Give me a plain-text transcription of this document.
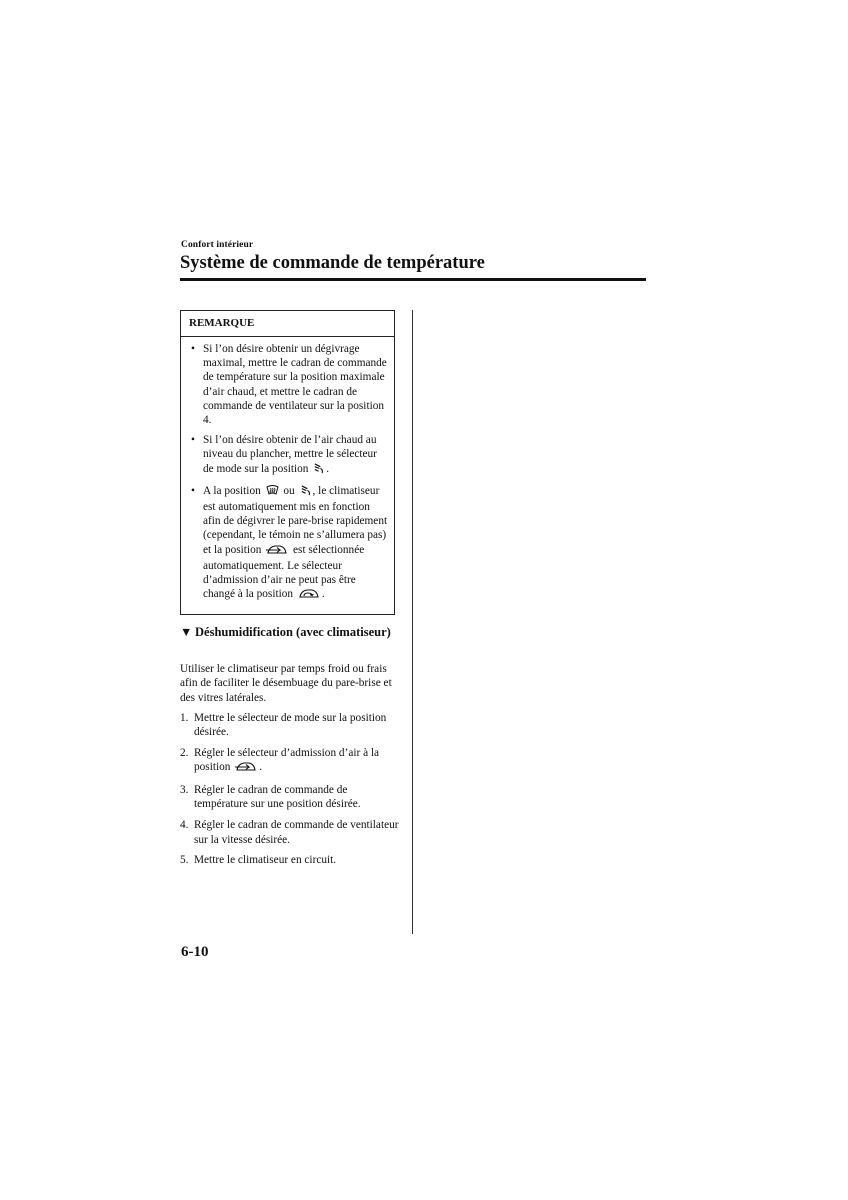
Confort intérieur
Système de commande de température
REMARQUE
• Si l’on désire obtenir un dégivrage maximal, mettre le cadran de commande de température sur la position maximale d’air chaud, et mettre le cadran de commande de ventilateur sur la position 4.
• Si l’on désire obtenir de l’air chaud au niveau du plancher, mettre le sélecteur de mode sur la position .
• A la position ou , le climatiseur est automatiquement mis en fonction afin de dégivrer le pare-brise rapidement (cependant, le témoin ne s’allumera pas) et la position	est sélectionnée automatiquement. Le sélecteur d’admission d’air ne peut pas être changé à la position	.
▼ Déshumidification (avec climatiseur)

Utiliser le climatiseur par temps froid ou frais afin de faciliter le désembuage du pare-brise et des vitres latérales.

1. Mettre le sélecteur de mode sur la position désirée.
2. Régler le sélecteur d’admission d’air à la position	.
3. Régler le cadran de commande de température sur une position désirée.
4. Régler le cadran de commande de ventilateur sur la vitesse désirée.
5. Mettre le climatiseur en circuit.
6-10
